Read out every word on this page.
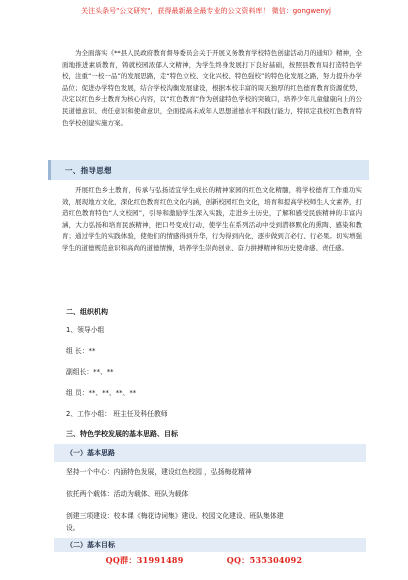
关注头条号"公文研究"，获得最新最全最专业的公文资料库！ 微信：gongwenyj
为全面落实《**县人民政府教育督导委员会关于开展义务教育学校特色创建活动月的通知》精神，全面地推进素质教育，铸就校园浓郁人文精神，为学生终身发展打下良好基础，按照县教育局打造特色学校，注重“一校一品”的发展思路，走“特色立校、文化兴校、特色强校”的特色化发展之路，努力提升办学品位；促进办学特色发展，结合学校沟衡发展建设，根据本校丰富的周天独厚的红色德育教育资源优势，决定以红色乡土教育为核心内容，以“红色教育”作为创建特色学校的突破口，培养少年儿童健康向上的公民道德意识、责任意识和使命意识，全面提高未成年人思想道德水平和践行能力，特拟定我校红色教育特色学校创建实施方案。
一、指导思想
开展红色乡土教育，传承与弘扬适宜学生成长的精神家园的红色文化精髓，将学校德育工作重功实效，展现地方文化，深化红色教育红色文化内涵，创新校园红色文化，培育和提高学校师生人文素养，打造红色教育特色“人文校园”，引导和激励学生深入实践，走进乡土历史，了解和感受民族精神的丰富内涵，大力弘扬和培育民族精神，把口号变成行动，使学生在系列活动中受到潜移默化的熏陶、感染和教育；通过学生的实践体验，使他们的情感得到升华，行为得到内化，逐步做到言必行、行必果。切实增强学生的道德规范意识和高尚的道德情操，培养学生崇尚创业、奋力拼搏精神和历史使命感、责任感。
二、组织机构
1、领导小组
组 长：**
副组长：**、**
组 员：**、**、**、**
2、工作小组： 班主任及科任教师
三、特色学校发展的基本思路、目标
（一）基本思路
坚持一个中心：内涵特色发展，建设红色校园 ，弘扬梅花精神
依托两个载体：活动为载体、班队为载体
创建三项建设：校本课《梅花诗词集》建设、校园文化建设、班队集体建
设。
（二）基本目标
QQ群：31991489	QQ：535304092
